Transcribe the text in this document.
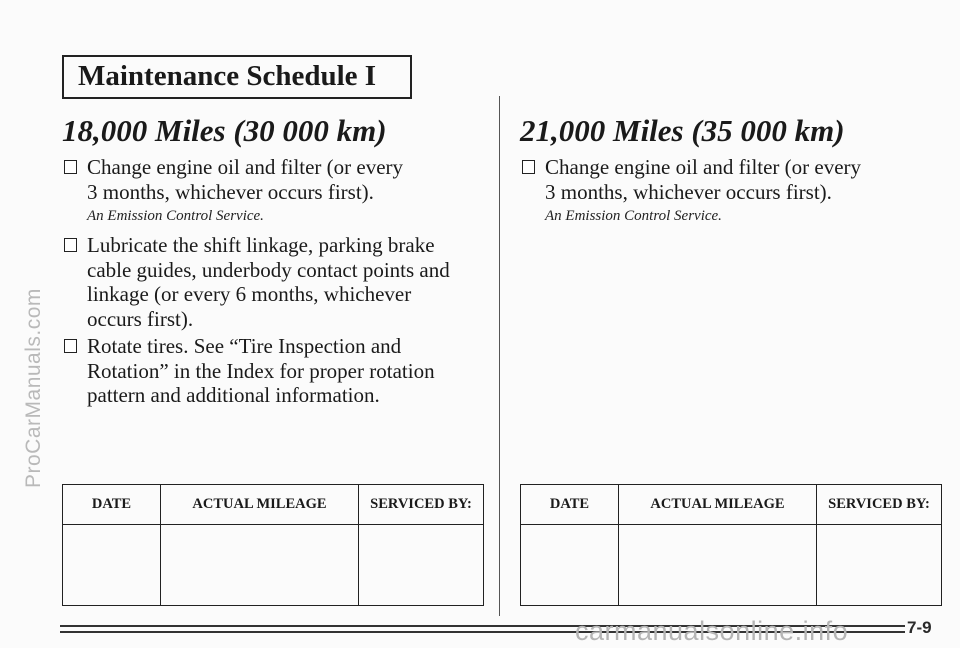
ProCarManuals.com
Maintenance Schedule I
18,000 Miles (30 000 km)
Change engine oil and filter (or every
3 months, whichever occurs first).
An Emission Control Service.
Lubricate the shift linkage, parking brake
cable guides, underbody contact points and
linkage (or every 6 months, whichever
occurs first).
Rotate tires. See “Tire Inspection and
Rotation” in the Index for proper rotation
pattern and additional information.
DATE	ACTUAL MILEAGE	SERVICED BY:

21,000 Miles (35 000 km)
Change engine oil and filter (or every
3 months, whichever occurs first).
An Emission Control Service.
DATE	ACTUAL MILEAGE	SERVICED BY:

carmanualsonline.info	7-9
